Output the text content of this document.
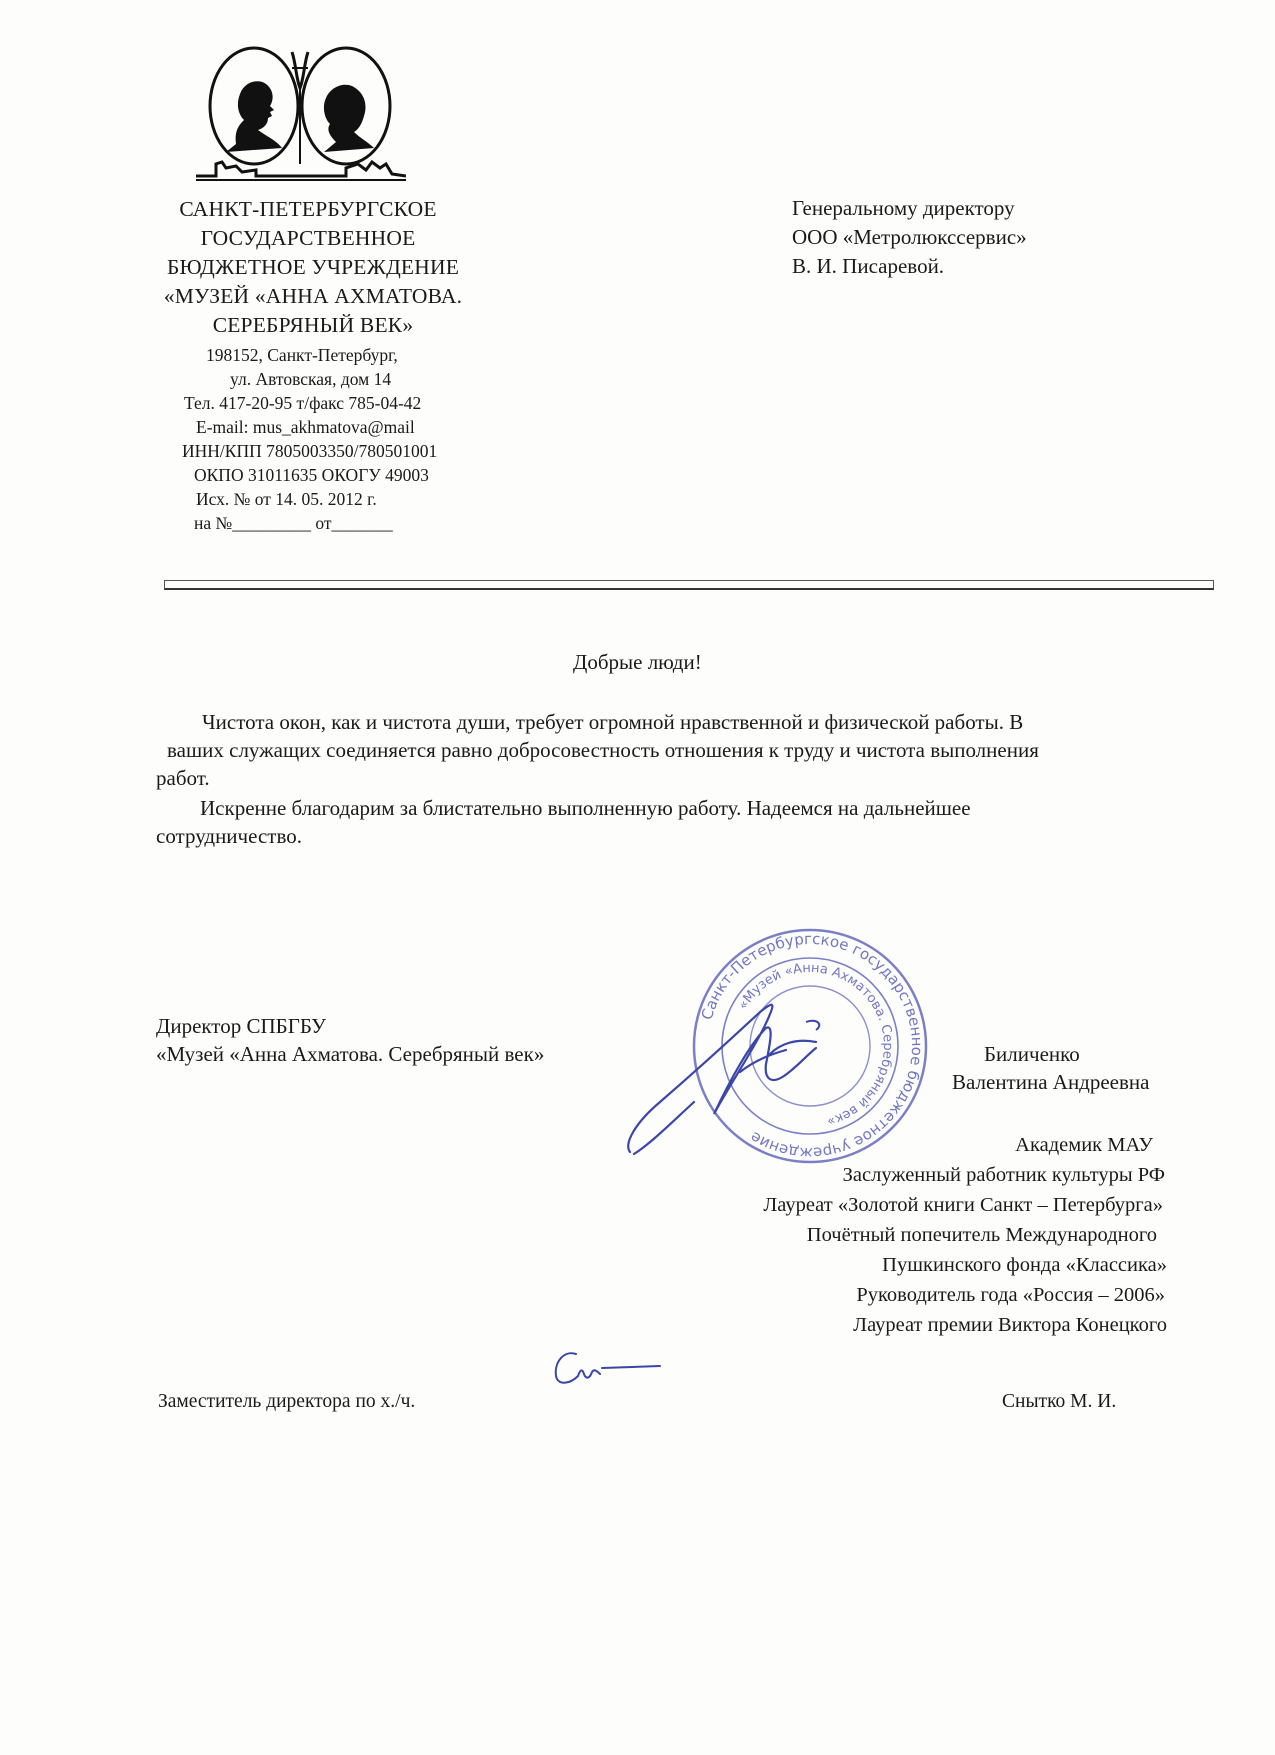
САНКТ-ПЕТЕРБУРГСКОЕ
ГОСУДАРСТВЕННОЕ
БЮДЖЕТНОЕ УЧРЕЖДЕНИЕ
«МУЗЕЙ «АННА АХМАТОВА.
СЕРЕБРЯНЫЙ ВЕК»
198152, Санкт-Петербург,
ул. Автовская, дом 14
Тел. 417-20-95 т/факс 785-04-42
E-mail: mus_akhmatova@mail
ИНН/КПП 7805003350/780501001
ОКПО 31011635 ОКОГУ 49003
Исх. № от 14. 05. 2012 г.
на №_________ от_______
Генеральному директору
ООО «Метролюкссервис»
В. И. Писаревой.
Добрые люди!
Чистота окон, как и чистота души, требует огромной нравственной и физической работы. В
ваших служащих соединяется равно добросовестность отношения к труду и чистота выполнения
работ.
Искренне благодарим за блистательно выполненную работу. Надеемся на дальнейшее
сотрудничество.
Санкт-Петербургское государственное бюджетное учреждение
«Музей «Анна Ахматова. Серебряный век»
Директор СПБГБУ
«Музей «Анна Ахматова. Серебряный век»	Биличенко
Валентина Андреевна
Академик МАУ
Заслуженный работник культуры РФ
Лауреат «Золотой книги Санкт – Петербурга»
Почётный попечитель Международного
Пушкинского фонда «Классика»
Руководитель года «Россия – 2006»
Лауреат премии Виктора Конецкого
Заместитель директора по х./ч.	Снытко М. И.
